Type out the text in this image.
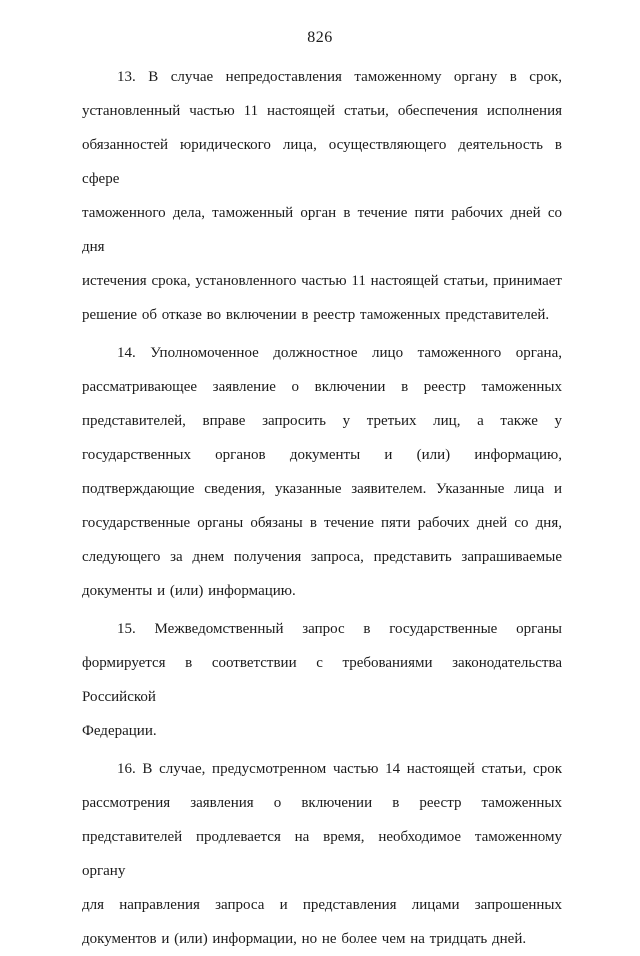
826
13. В случае непредоставления таможенному органу в срок,
установленный частью 11 настоящей статьи, обеспечения исполнения
обязанностей юридического лица, осуществляющего деятельность в сфере
таможенного дела, таможенный орган в течение пяти рабочих дней со дня
истечения срока, установленного частью 11 настоящей статьи, принимает
решение об отказе во включении в реестр таможенных представителей.
14. Уполномоченное должностное лицо таможенного органа,
рассматривающее заявление о включении в реестр таможенных
представителей, вправе запросить у третьих лиц, а также у
государственных органов документы и (или) информацию,
подтверждающие сведения, указанные заявителем. Указанные лица и
государственные органы обязаны в течение пяти рабочих дней со дня,
следующего за днем получения запроса, представить запрашиваемые
документы и (или) информацию.
15. Межведомственный запрос в государственные органы
формируется в соответствии с требованиями законодательства Российской
Федерации.
16. В случае, предусмотренном частью 14 настоящей статьи, срок
рассмотрения заявления о включении в реестр таможенных
представителей продлевается на время, необходимое таможенному органу
для направления запроса и представления лицами запрошенных
документов и (или) информации, но не более чем на тридцать дней.
